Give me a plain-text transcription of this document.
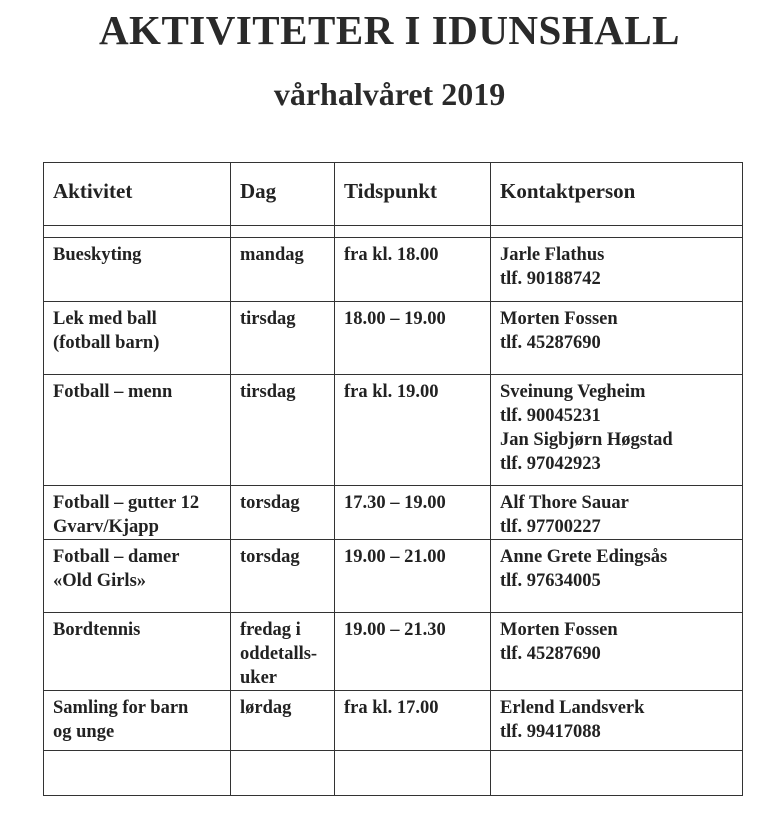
AKTIVITETER I IDUNSHALL
vårhalvåret 2019
Aktivitet	Dag	Tidspunkt	Kontaktperson

Bueskyting	mandag	fra kl. 18.00	Jarle Flathus
tlf. 90188742

Lek med ball
(fotball barn)	tirsdag	18.00 – 19.00	Morten Fossen
tlf. 45287690

Fotball – menn	tirsdag	fra kl. 19.00	Sveinung Vegheim
tlf. 90045231
Jan Sigbjørn Høgstad
tlf. 97042923

Fotball – gutter 12
Gvarv/Kjapp	torsdag	17.30 – 19.00	Alf Thore Sauar
tlf. 97700227

Fotball – damer
«Old Girls»	torsdag	19.00 – 21.00	Anne Grete Edingsås
tlf. 97634005

Bordtennis	fredag i
oddetalls-
uker	19.00 – 21.30	Morten Fossen
tlf. 45287690

Samling for barn
og unge	lørdag	fra kl. 17.00	Erlend Landsverk
tlf. 99417088
